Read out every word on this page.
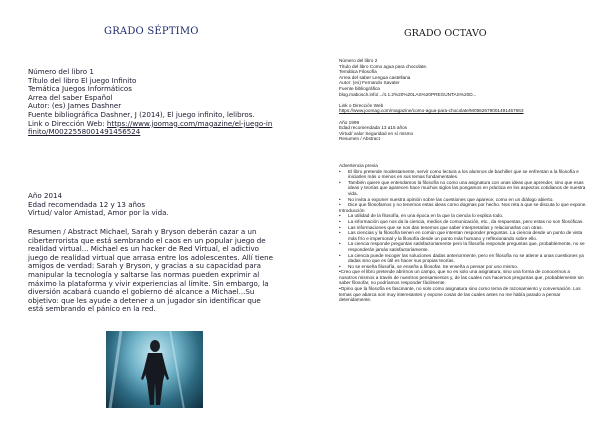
GRADO SÉPTIMO
Número del libro 1
Título del libro El juego Infinito
Temática Juegos Informáticos
Arrea del saber Español
Autor: (es) James Dashner
Fuente bibliográfica Dashner, J (2014), El juego infinito, lelibros.
Link o Dirección Web: https://www.joomag.com/magazine/el-juego-infinito/M0022558001491456524
Año 2014
Edad recomendada 12 y 13 años
Virtud/ valor Amistad, Amor por la vida.

Resumen / Abstract Michael, Sarah y Bryson deberán cazar a un ciberterrorista que está sembrando el caos en un popular juego de realidad virtual... Michael es un hacker de Red Virtual, el adictivo juego de realidad virtual que arrasa entre los adolescentes. Allí tiene amigos de verdad: Sarah y Bryson, y gracias a su capacidad para manipular la tecnología y saltarse las normas pueden exprimir al máximo la plataforma y vivir experiencias al límite. Sin embargo, la diversión acabará cuando el gobierno dé alcance a Michael...Su objetivo: que les ayude a detener a un jugador sin identificar que está sembrando el pánico en la red.

GRADO OCTAVO
Número del libro 2
Título del libro Como agua para chocolate.
Temática Filosofía
Arrea del saber Lengua castellana
Autor: (es) Fernando Savater
Fuente bibliográfica
blog.mabosch.info/.../4.1.2%20%20LAS%20PREGUNTAS%20D...

Link o Dirección Web
https://www.joomag.com/magazine/como-agua-para-chocolate/M0562679001491457663

Año 1999
Edad recomendada 13 a15 años
Virtud/ valor Seguridad en sí mismo
Resumen / Abstract
Advertencia previa
•	El libro pretende modestamente, servir como lectura a los alumnos de bachiller que se enfrentan a la filosofía e iniciarles más o menos en sus temas fundamentales.
•	También quiere que entendamos la filosofía no como una asignatura con unas ideas que aprender, sino que esas ideas y teorías que aparecen hace muchos siglos las pongamos en práctica en los aspectos cotidianos de nuestra vida.
•	No invita a exponer nuestra opinión sobre las cuestiones que aparece, como en un diálogo abierto.
•	Dice que filosofamos y no tenemos estas ideas como dogmas por hecho. Nos reta a que se discuta lo que expone.
Introducción
•	La utilidad de la filosofía, en una época en la que la ciencia lo explica todo.
•	La información que nos da la ciencia, medios de comunicación, etc., da respuestas, pero estas no son filosóficas.
•	Las informaciones que se nos dan tenemos que saber interpretarlas y relacionarlas con otras.
•	Las ciencias y la filosofía tienen en común que intentan responder preguntas. La ciencia desde un punto de vista más frío e impersonal y la filosofía desde un punto más humano y reflexionando sobre ello.
•	La ciencia responde preguntas satisfactoriamente pero la filosofía responde preguntas que, probablemente, no se responderán jamás satisfactoriamente.
•	La ciencia puede recoger las soluciones dadas anteriormente, pero en filosofía no se atiene a unas cuestiones ya dadas sino que es útil es hacer sus propias teorías.
•	No se enseña filosofía, se enseña a filosofar. Se enseña a pensar por uno mismo.
•Creo que el libro pretende abrirnos un campo, que no es solo una asignatura, sino una forma de conocernos a nosotros mismos a través de nuestros pensamientos y, de las cuales nos hacemos preguntas que, probablemente sin saber filosofar, no podríamos responder fácilmente.
•Opino que la filosofía es fascinante, no solo como asignatura sino como tema de razonamiento y conversación. Los temas que abarca son muy interesantes y expone cosas de las cuales antes no me había parado a pensar detenidamente.
